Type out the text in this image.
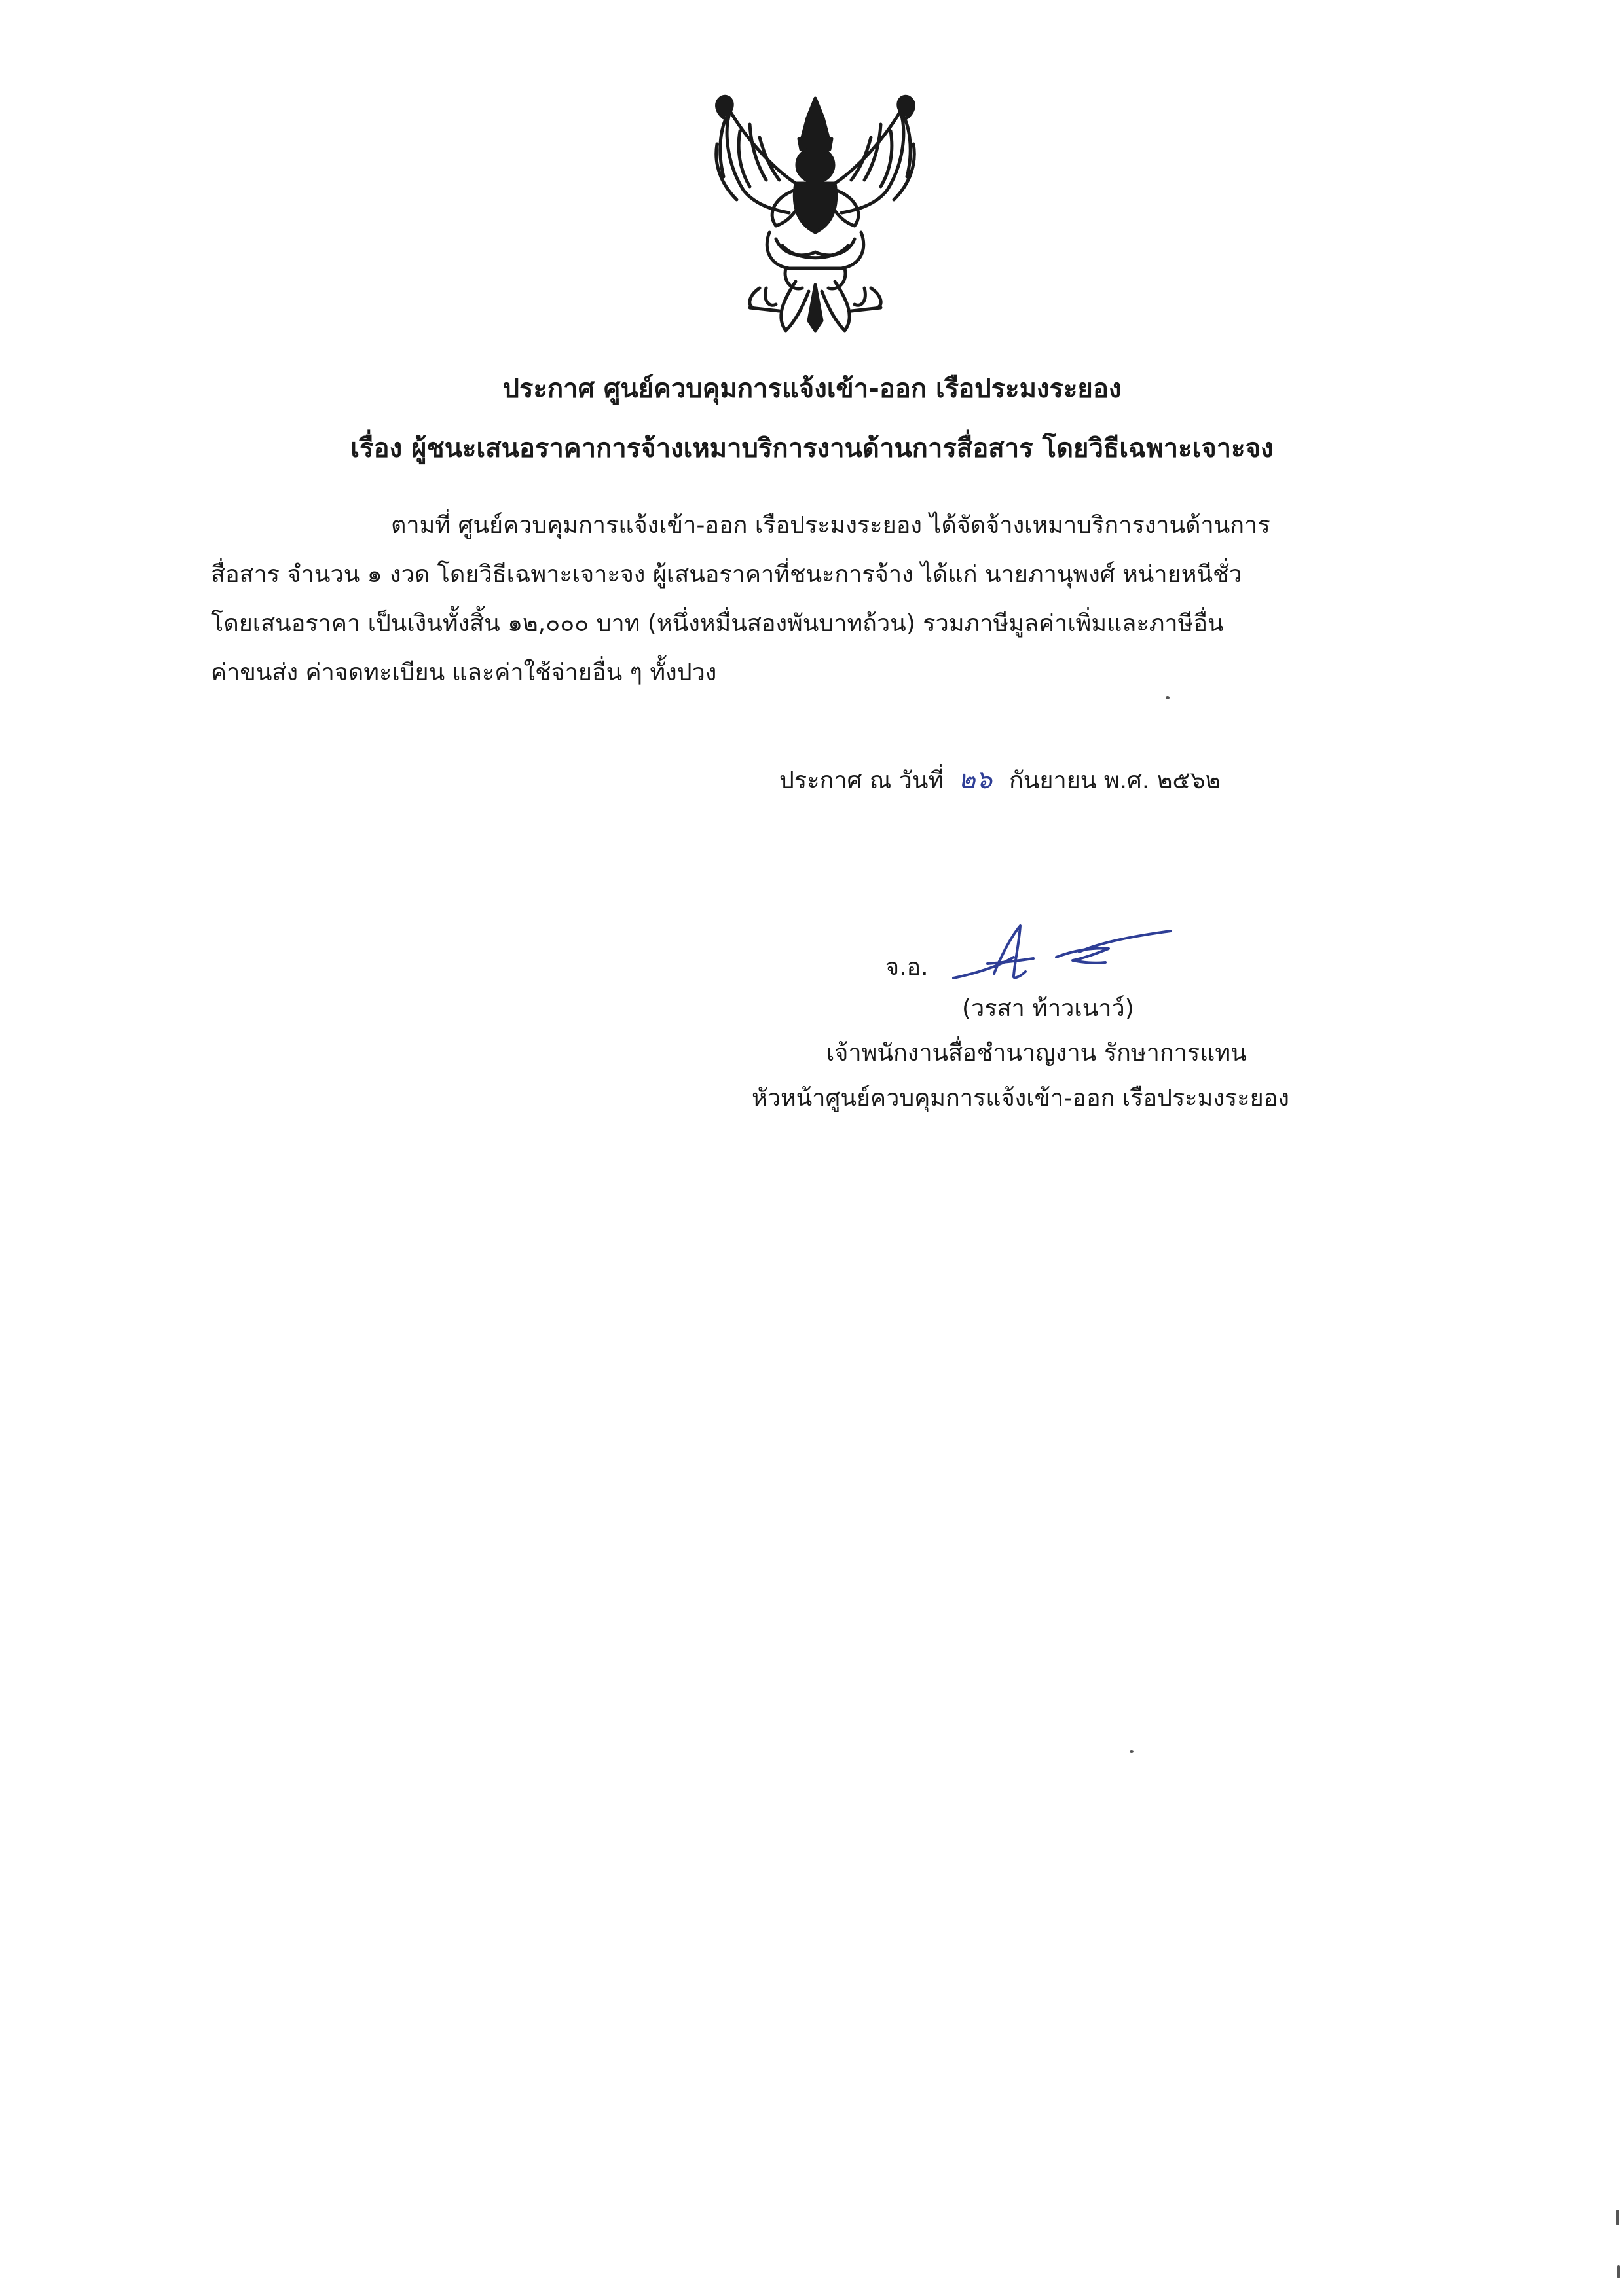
ประกาศ ศูนย์ควบคุมการแจ้งเข้า-ออก เรือประมงระยอง
เรื่อง ผู้ชนะเสนอราคาการจ้างเหมาบริการงานด้านการสื่อสาร โดยวิธีเฉพาะเจาะจง
ตามที่ ศูนย์ควบคุมการแจ้งเข้า-ออก เรือประมงระยอง ได้จัดจ้างเหมาบริการงานด้านการ
สื่อสาร จำนวน ๑ งวด โดยวิธีเฉพาะเจาะจง ผู้เสนอราคาที่ชนะการจ้าง ได้แก่ นายภานุพงศ์ หน่ายหนีชั่ว
โดยเสนอราคา เป็นเงินทั้งสิ้น ๑๒,๐๐๐ บาท (หนึ่งหมื่นสองพันบาทถ้วน) รวมภาษีมูลค่าเพิ่มและภาษีอื่น
ค่าขนส่ง ค่าจดทะเบียน และค่าใช้จ่ายอื่น ๆ ทั้งปวง
ประกาศ ณ วันที่ ๒๖ กันยายน พ.ศ. ๒๕๖๒
จ.อ.
(วรสา ท้าวเนาว์)
เจ้าพนักงานสื่อชำนาญงาน รักษาการแทน
หัวหน้าศูนย์ควบคุมการแจ้งเข้า-ออก เรือประมงระยอง
